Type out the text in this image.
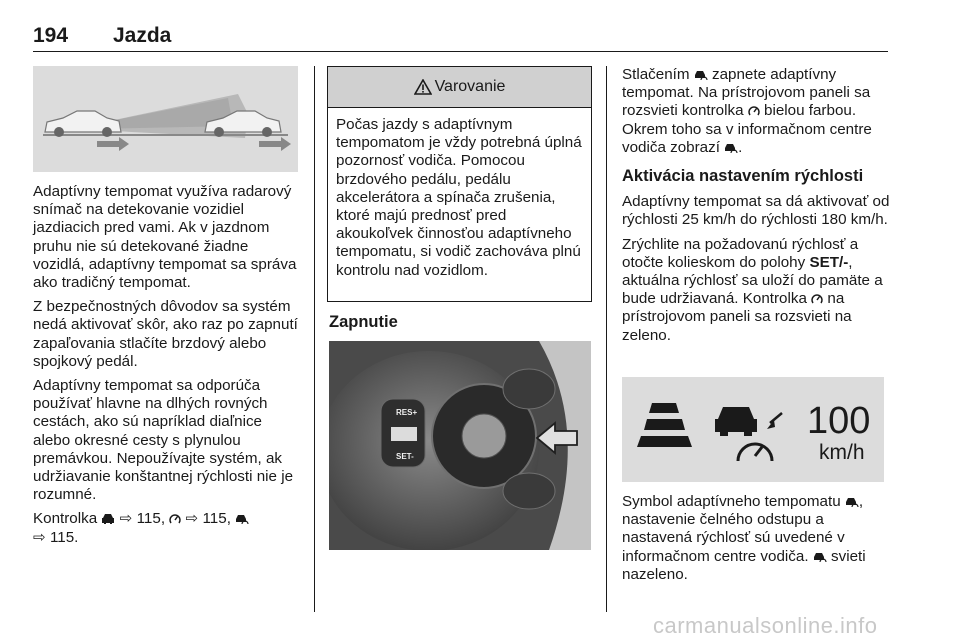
194 Jazda

Adaptívny tempomat využíva radarový snímač na detekovanie vozidiel jazdiacich pred vami. Ak v jazdnom pruhu nie sú detekované žiadne vozidlá, adaptívny tempomat sa správa ako tradičný tempomat.

Z bezpečnostných dôvodov sa systém nedá aktivovať skôr, ako raz po zapnutí zapaľovania stlačíte brzdový alebo spojkový pedál.

Adaptívny tempomat sa odporúča používať hlavne na dlhých rovných cestách, ako sú napríklad diaľnice alebo okresné cesty s plynulou premávkou. Nepoužívajte systém, ak udržiavanie konštantnej rýchlosti nie je rozumné.

Kontrolka ⇨ 115, ⇨ 115,
⇨ 115.

Varovanie
Počas jazdy s adaptívnym tempomatom je vždy potrebná úplná pozornosť vodiča. Pomocou brzdového pedálu, pedálu akcelerátora a spínača zrušenia, ktoré majú prednosť pred akoukoľvek činnosťou adaptívneho tempomatu, si vodič zachováva plnú kontrolu nad vozidlom.
Zapnutie
RES+
SET-

Stlačením zapnete adaptívny tempomat. Na prístrojovom paneli sa rozsvieti kontrolka bielou farbou. Okrem toho sa v informačnom centre vodiča zobrazí .

Aktivácia nastavením rýchlosti

Adaptívny tempomat sa dá aktivovať od rýchlosti 25 km/h do rýchlosti 180 km/h.

Zrýchlite na požadovanú rýchlosť a otočte kolieskom do polohy SET/-, aktuálna rýchlosť sa uloží do pamäte a bude udržiavaná. Kontrolka na prístrojovom paneli sa rozsvieti na zeleno.

100
km/h

Symbol adaptívneho tempomatu , nastavenie čelného odstupu a nastavená rýchlosť sú uvedené v informačnom centre vodiča. svieti nazeleno.

carmanualsonline.info
